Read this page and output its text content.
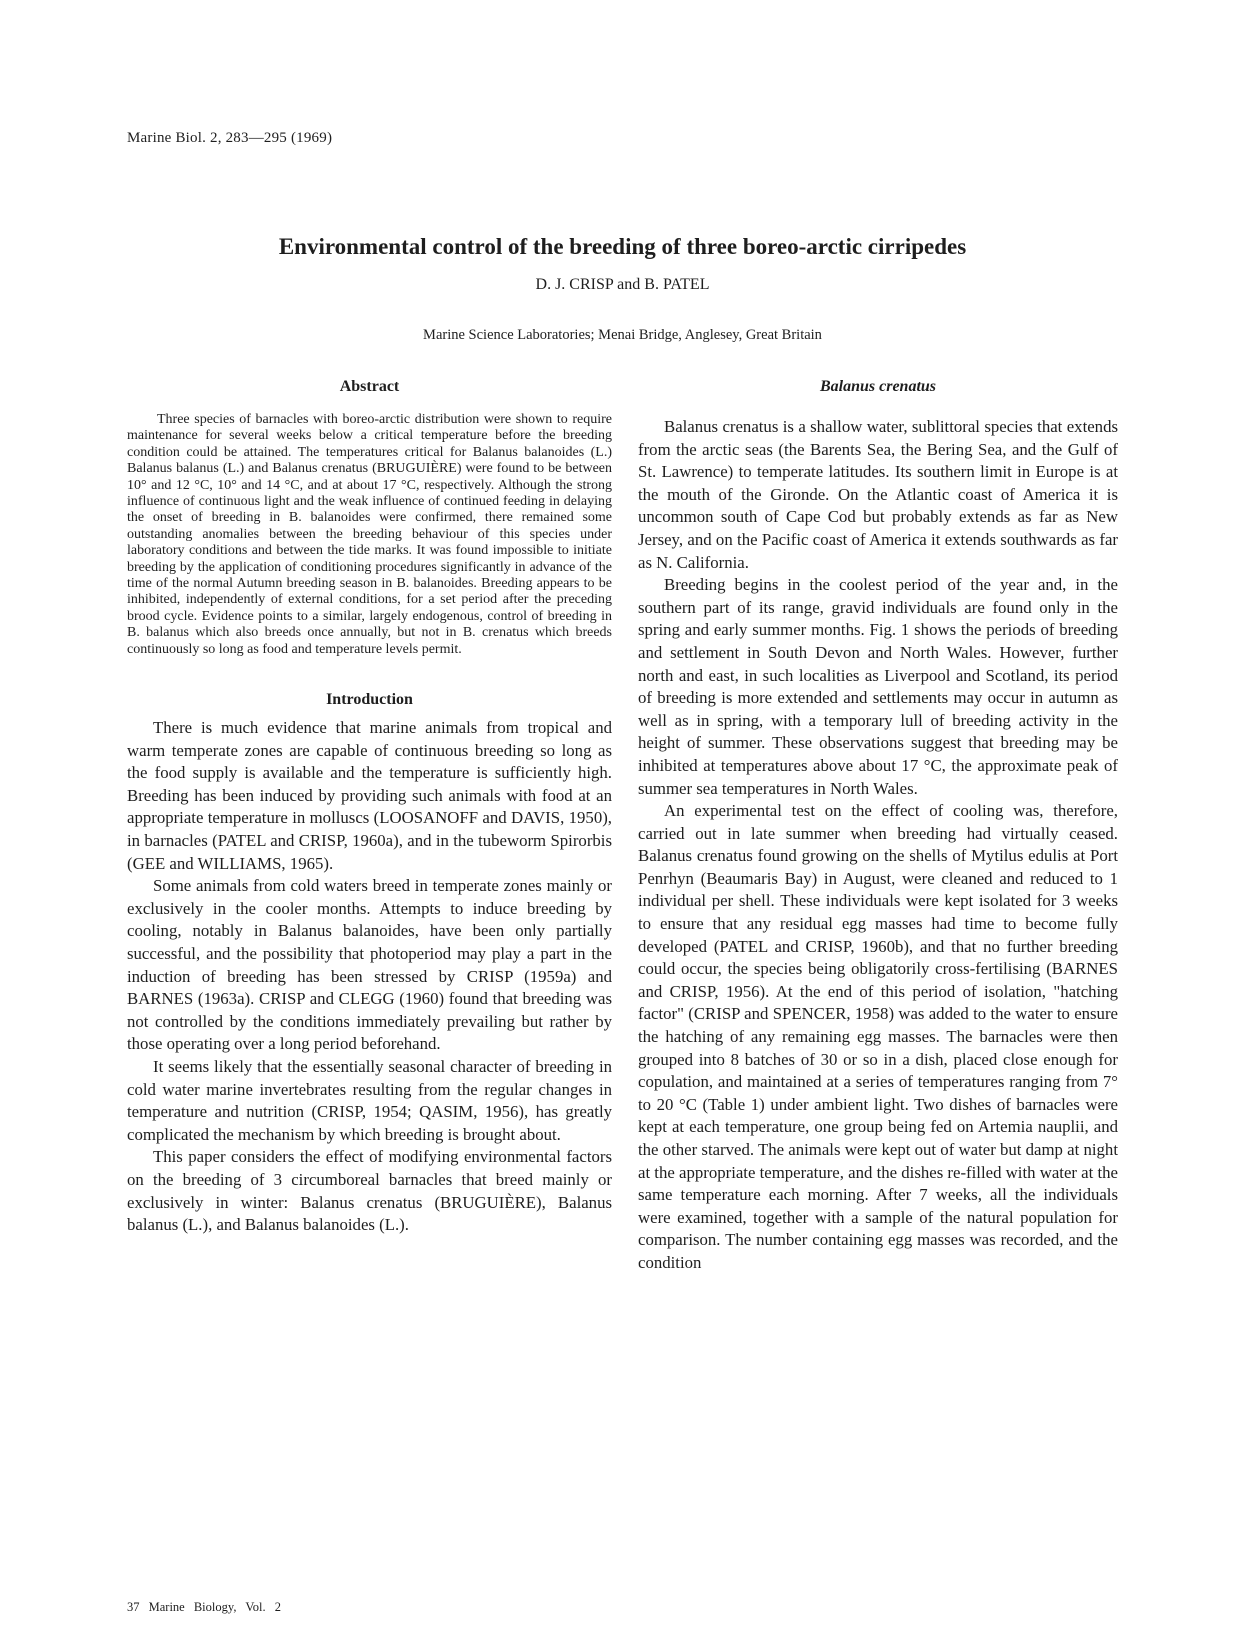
Marine Biol. 2, 283—295 (1969)
Environmental control of the breeding of three boreo-arctic cirripedes
D. J. CRISP and B. PATEL
Marine Science Laboratories; Menai Bridge, Anglesey, Great Britain
Abstract

Three species of barnacles with boreo-arctic distribution were shown to require maintenance for several weeks below a critical temperature before the breeding condition could be attained. The temperatures critical for Balanus balanoides (L.) Balanus balanus (L.) and Balanus crenatus (BRUGUIÈRE) were found to be between 10° and 12 °C, 10° and 14 °C, and at about 17 °C, respectively. Although the strong influence of continuous light and the weak influence of continued feeding in delaying the onset of breeding in B. balanoides were confirmed, there remained some outstanding anomalies between the breeding behaviour of this species under laboratory conditions and between the tide marks. It was found impossible to initiate breeding by the application of conditioning procedures significantly in advance of the time of the normal Autumn breeding season in B. balanoides. Breeding appears to be inhibited, independently of external conditions, for a set period after the preceding brood cycle. Evidence points to a similar, largely endogenous, control of breeding in B. balanus which also breeds once annually, but not in B. crenatus which breeds continuously so long as food and temperature levels permit.

Introduction

There is much evidence that marine animals from tropical and warm temperate zones are capable of continuous breeding so long as the food supply is available and the temperature is sufficiently high. Breeding has been induced by providing such animals with food at an appropriate temperature in molluscs (LOOSANOFF and DAVIS, 1950), in barnacles (PATEL and CRISP, 1960a), and in the tubeworm Spirorbis (GEE and WILLIAMS, 1965).

Some animals from cold waters breed in temperate zones mainly or exclusively in the cooler months. Attempts to induce breeding by cooling, notably in Balanus balanoides, have been only partially successful, and the possibility that photoperiod may play a part in the induction of breeding has been stressed by CRISP (1959a) and BARNES (1963a). CRISP and CLEGG (1960) found that breeding was not controlled by the conditions immediately prevailing but rather by those operating over a long period beforehand.

It seems likely that the essentially seasonal character of breeding in cold water marine invertebrates resulting from the regular changes in temperature and nutrition (CRISP, 1954; QASIM, 1956), has greatly complicated the mechanism by which breeding is brought about.

This paper considers the effect of modifying environmental factors on the breeding of 3 circumboreal barnacles that breed mainly or exclusively in winter: Balanus crenatus (BRUGUIÈRE), Balanus balanus (L.), and Balanus balanoides (L.).

Balanus crenatus

Balanus crenatus is a shallow water, sublittoral species that extends from the arctic seas (the Barents Sea, the Bering Sea, and the Gulf of St. Lawrence) to temperate latitudes. Its southern limit in Europe is at the mouth of the Gironde. On the Atlantic coast of America it is uncommon south of Cape Cod but probably extends as far as New Jersey, and on the Pacific coast of America it extends southwards as far as N. California.

Breeding begins in the coolest period of the year and, in the southern part of its range, gravid individuals are found only in the spring and early summer months. Fig. 1 shows the periods of breeding and settlement in South Devon and North Wales. However, further north and east, in such localities as Liverpool and Scotland, its period of breeding is more extended and settlements may occur in autumn as well as in spring, with a temporary lull of breeding activity in the height of summer. These observations suggest that breeding may be inhibited at temperatures above about 17 °C, the approximate peak of summer sea temperatures in North Wales.

An experimental test on the effect of cooling was, therefore, carried out in late summer when breeding had virtually ceased. Balanus crenatus found growing on the shells of Mytilus edulis at Port Penrhyn (Beaumaris Bay) in August, were cleaned and reduced to 1 individual per shell. These individuals were kept isolated for 3 weeks to ensure that any residual egg masses had time to become fully developed (PATEL and CRISP, 1960b), and that no further breeding could occur, the species being obligatorily cross-fertilising (BARNES and CRISP, 1956). At the end of this period of isolation, "hatching factor" (CRISP and SPENCER, 1958) was added to the water to ensure the hatching of any remaining egg masses. The barnacles were then grouped into 8 batches of 30 or so in a dish, placed close enough for copulation, and maintained at a series of temperatures ranging from 7° to 20 °C (Table 1) under ambient light. Two dishes of barnacles were kept at each temperature, one group being fed on Artemia nauplii, and the other starved. The animals were kept out of water but damp at night at the appropriate temperature, and the dishes re-filled with water at the same temperature each morning. After 7 weeks, all the individuals were examined, together with a sample of the natural population for comparison. The number containing egg masses was recorded, and the condition

37 Marine Biology, Vol. 2
